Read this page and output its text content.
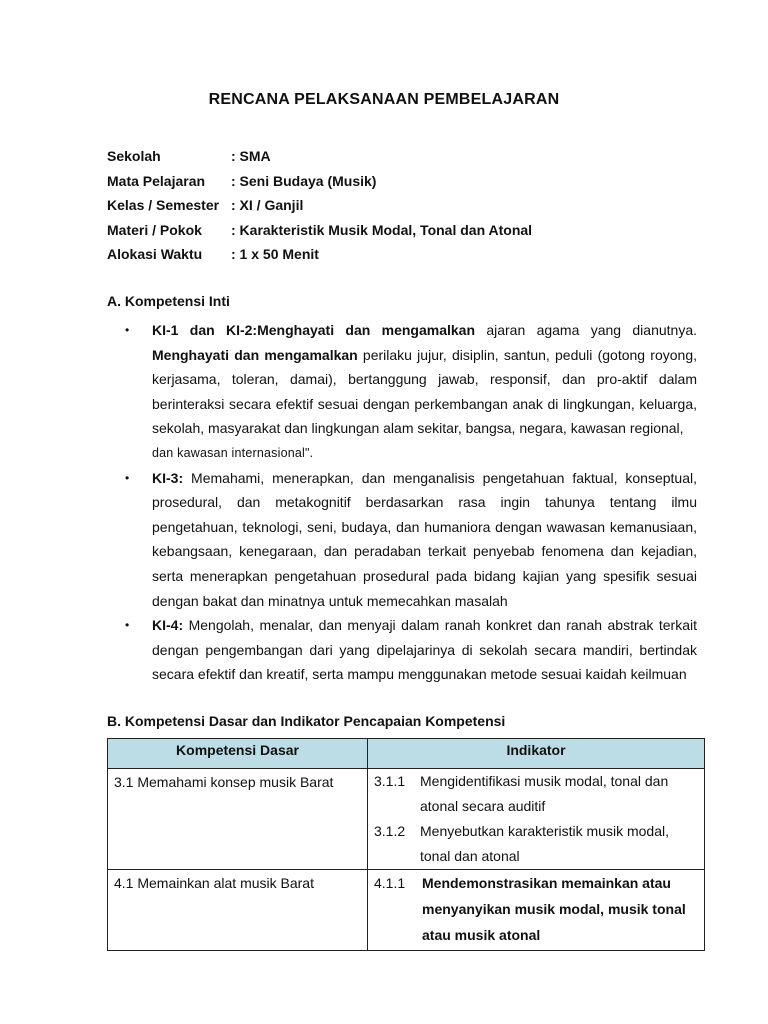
RENCANA PELAKSANAAN PEMBELAJARAN
Sekolah	: SMA
Mata Pelajaran : Seni Budaya (Musik)
Kelas / Semester : XI / Ganjil
Materi / Pokok : Karakteristik Musik Modal, Tonal dan Atonal
Alokasi Waktu : 1 x 50 Menit
A. Kompetensi Inti
• KI-1 dan KI-2:Menghayati dan mengamalkan ajaran agama yang dianutnya. Menghayati dan mengamalkan perilaku jujur, disiplin, santun, peduli (gotong royong, kerjasama, toleran, damai), bertanggung jawab, responsif, dan pro-aktif dalam berinteraksi secara efektif sesuai dengan perkembangan anak di lingkungan, keluarga, sekolah, masyarakat dan lingkungan alam sekitar, bangsa, negara, kawasan regional,

dan kawasan internasional".

• KI-3: Memahami, menerapkan, dan menganalisis pengetahuan faktual, konseptual, prosedural, dan metakognitif berdasarkan rasa ingin tahunya tentang ilmu pengetahuan, teknologi, seni, budaya, dan humaniora dengan wawasan kemanusiaan, kebangsaan, kenegaraan, dan peradaban terkait penyebab fenomena dan kejadian, serta menerapkan pengetahuan prosedural pada bidang kajian yang spesifik sesuai dengan bakat dan minatnya untuk memecahkan masalah

• KI-4: Mengolah, menalar, dan menyaji dalam ranah konkret dan ranah abstrak terkait dengan pengembangan dari yang dipelajarinya di sekolah secara mandiri, bertindak secara efektif dan kreatif, serta mampu menggunakan metode sesuai kaidah keilmuan

B. Kompetensi Dasar dan Indikator Pencapaian Kompetensi
Kompetensi Dasar	Indikator

3.1 Memahami konsep musik Barat	3.1.1 Mengidentifikasi musik modal, tonal dan atonal secara auditif
3.1.2 Menyebutkan karakteristik musik modal, tonal dan atonal

4.1 Memainkan alat musik Barat	4.1.1 Mendemonstrasikan memainkan atau menyanyikan musik modal, musik tonal atau musik atonal
